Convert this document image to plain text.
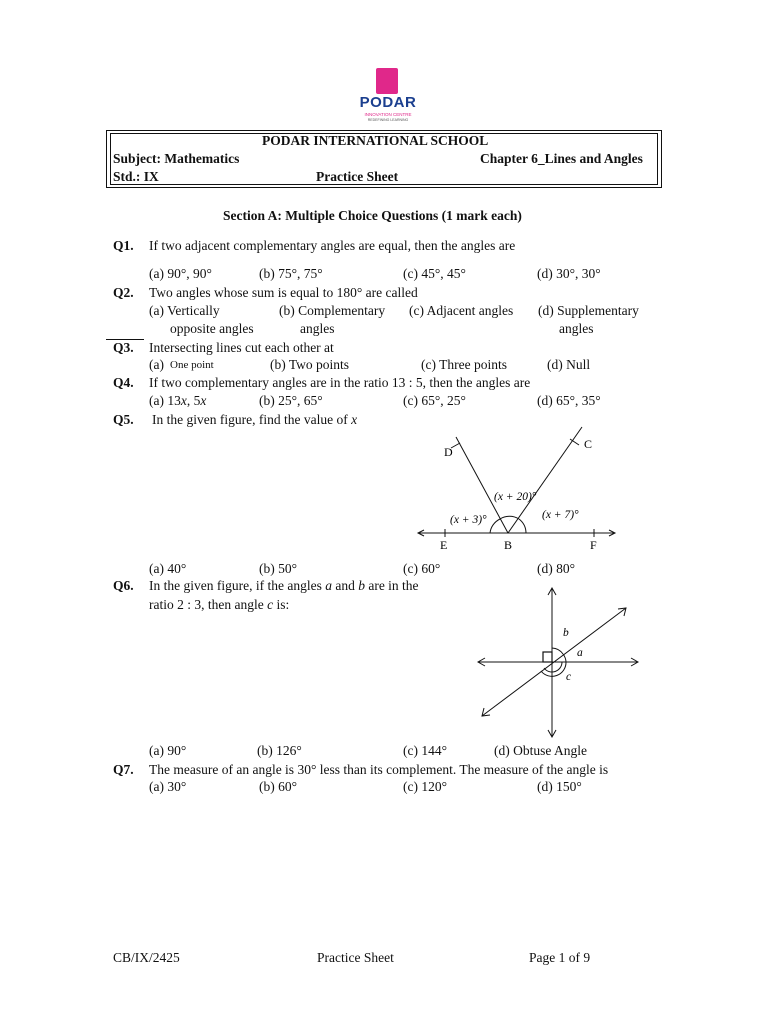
PODAR
INNOVATION CENTRE
REDEFINING LEARNING
PODAR INTERNATIONAL SCHOOL
Subject: Mathematics	Chapter 6_Lines and Angles
Std.: IX	Practice Sheet
Section A: Multiple Choice Questions (1 mark each)
Q1. If two adjacent complementary angles are equal, then the angles are
(a) 90°, 90°	(b) 75°, 75°	(c) 45°, 45°	(d) 30°, 30°
Q2. Two angles whose sum is equal to 180° are called
(a) Vertically
opposite angles
(b) Complementary
angles
(c) Adjacent angles (d) Supplementary
angles
Q3. Intersecting lines cut each other at
(a) One point	(b) Two points	(c) Three points	(d) Null
Q4. If two complementary angles are in the ratio 13 : 5, then the angles are
(a) 13x, 5x	(b) 25°, 65°	(c) 65°, 25°	(d) 65°, 35°
Q5. In the given figure, find the value of x
D
C
E	B	F
(x + 20)°
(x + 3)°	(x + 7)°
(a) 40°	(b) 50°	(c) 60°	(d) 80°
Q6. In the given figure, if the angles a and b are in the
ratio 2 : 3, then angle c is:
b
a
c
(a) 90°	(b) 126°	(c) 144°	(d) Obtuse Angle
Q7. The measure of an angle is 30° less than its complement. The measure of the angle is
(a) 30°	(b) 60°	(c) 120°	(d) 150°
CB/IX/2425	Practice Sheet	Page 1 of 9
